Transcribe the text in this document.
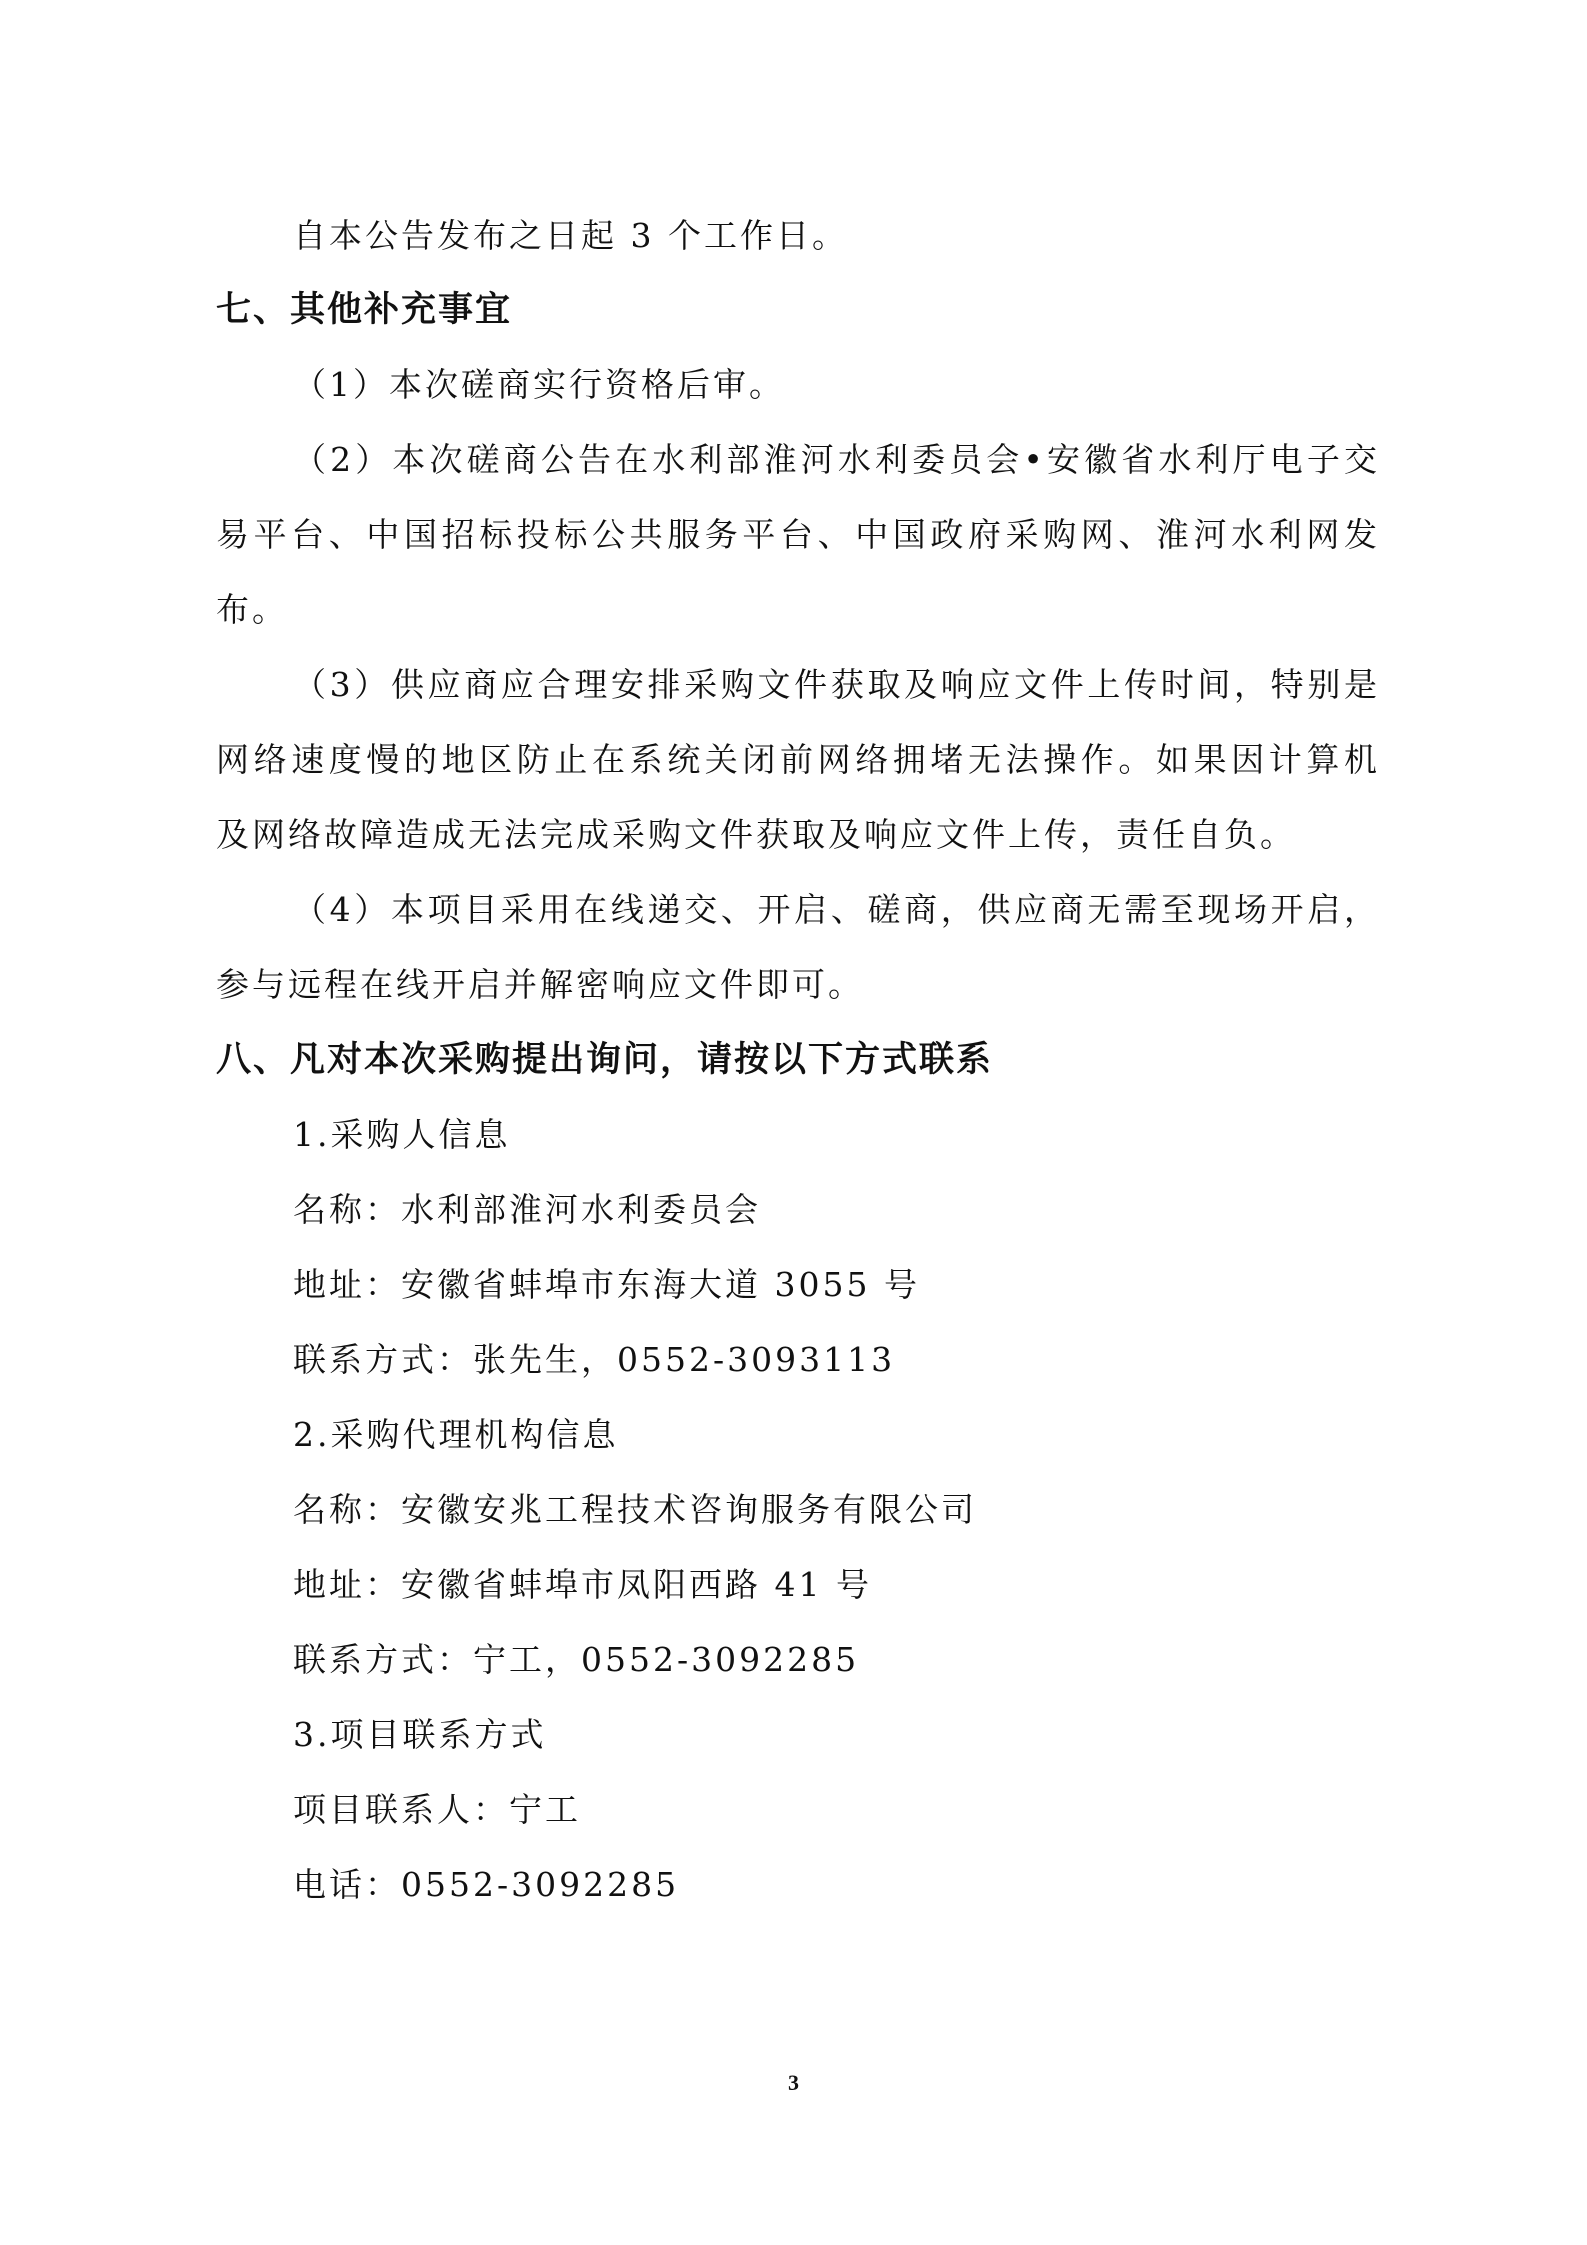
自本公告发布之日起 3 个工作日。
七、其他补充事宜
（1）本次磋商实行资格后审。
（2）本次磋商公告在水利部淮河水利委员会•安徽省水利厅电子交
易平台、中国招标投标公共服务平台、中国政府采购网、淮河水利网发
布。
（3）供应商应合理安排采购文件获取及响应文件上传时间，特别是
网络速度慢的地区防止在系统关闭前网络拥堵无法操作。如果因计算机
及网络故障造成无法完成采购文件获取及响应文件上传，责任自负。
（4）本项目采用在线递交、开启、磋商，供应商无需至现场开启，
参与远程在线开启并解密响应文件即可。
八、凡对本次采购提出询问，请按以下方式联系
1.采购人信息
名称：水利部淮河水利委员会
地址：安徽省蚌埠市东海大道 3055 号
联系方式：张先生，0552-3093113
2.采购代理机构信息
名称：安徽安兆工程技术咨询服务有限公司
地址：安徽省蚌埠市凤阳西路 41 号
联系方式：宁工，0552-3092285
3.项目联系方式
项目联系人：宁工
电话：0552-3092285
3
